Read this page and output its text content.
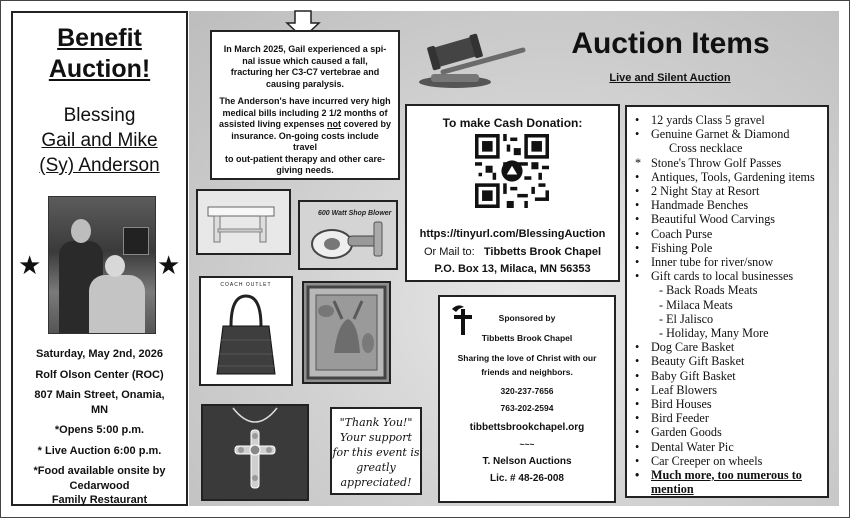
Benefit
Auction!
Blessing
Gail and Mike
(Sy) Anderson
Saturday, May 2nd, 2026
Rolf Olson Center (ROC)
807 Main Street, Onamia,
MN
*Opens 5:00 p.m.
* Live Auction 6:00 p.m.
*Food available onsite by
Cedarwood
Family Restaurant
★	★

In March 2025, Gail experienced a spi-
nal issue which caused a fall,
fracturing her C3-C7 vertebrae and
causing paralysis.

The Anderson's have incurred very high
medical bills including 2 1/2 months of
assisted living expenses not covered by
insurance. On-going costs include travel
to out-patient therapy and other care-
giving needs.

Auction Items
Live and Silent Auction
To make Cash Donation:
https://tinyurl.com/BlessingAuction
Or Mail to: Tibbetts Brook Chapel
P.O. Box 13, Milaca, MN 56353
Sponsored by
Tibbetts Brook Chapel
Sharing the love of Christ with our
friends and neighbors.
320-237-7656
763-202-2594
tibbettsbrookchapel.org
~~~
T. Nelson Auctions
Lic. # 48-26-008
"Thank You!"
Your support
for this event is
greatly
appreciated!
600 Watt Shop Blower
COACH OUTLET
• 12 yards Class 5 gravel
• Genuine Garnet & Diamond
Cross necklace
* Stone's Throw Golf Passes
• Antiques, Tools, Gardening items
• 2 Night Stay at Resort
• Handmade Benches
• Beautiful Wood Carvings
• Coach Purse
• Fishing Pole
• Inner tube for river/snow
• Gift cards to local businesses
- Back Roads Meats
- Milaca Meats
- El Jalisco
- Holiday, Many More
• Dog Care Basket
• Beauty Gift Basket
• Baby Gift Basket
• Leaf Blowers
• Bird Houses
• Bird Feeder
• Garden Goods
• Dental Water Pic
• Car Creeper on wheels
• Much more, too numerous to mention
